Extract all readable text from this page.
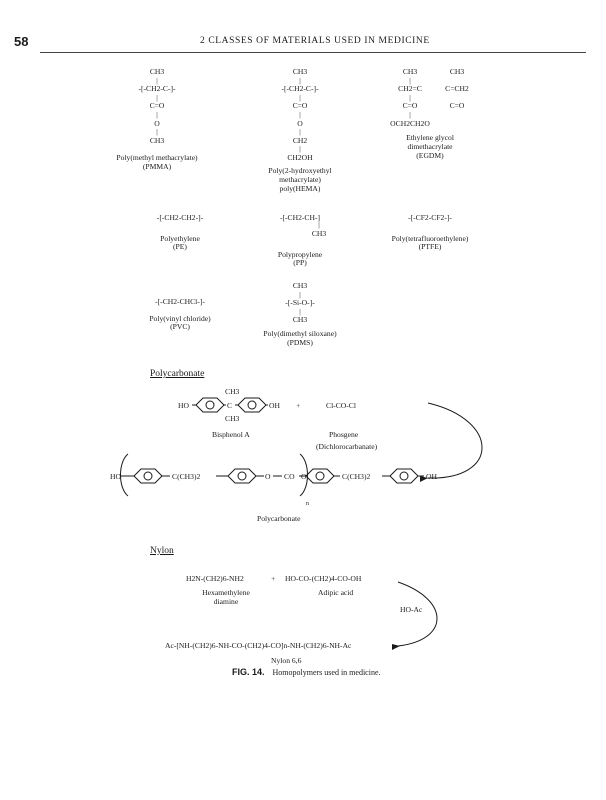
58	2 CLASSES OF MATERIALS USED IN MEDICINE
CH3
|
-[-CH2-C-]-
|
C=O
|
O
|
CH3
Poly(methyl methacrylate)
(PMMA)
CH3
|
-[-CH2-C-]-
|
C=O
|
O
|
CH2
|
CH2OH
Poly(2-hydroxyethyl
methacrylate)
poly(HEMA)
CH3
|
CH2=C
|
C=O
|
OCH2CH2O
CH3

C=CH2

C=O
Ethylene glycol
dimethacrylate
(EGDM)
-[-CH2-CH2-]-
Polyethylene
(PE)
-[-CH2-CH-]
|
CH3
Polypropylene
(PP)
-[-CF2-CF2-]-
Poly(tetrafluoroethylene)
(PTFE)
-[-CH2-CHCl-]-
Poly(vinyl chloride)
(PVC)
CH3
|
-[-Si-O-]-
|
CH3
Poly(dimethyl siloxane)
(PDMS)
Polycarbonate
HO
CH3
C
CH3
OH +	Cl-CO-Cl
Bisphenol A	Phosgene
(Dichlorocarbanate)
HO	C(CH3)2	O CO O	C(CH3)2	OH
n
Polycarbonate
Nylon
H2N-(CH2)6-NH2	+ HO-CO-(CH2)4-CO-OH
Hexamethylene
diamine
Adipic acid
HO-Ac
Ac-[NH-(CH2)6-NH-CO-(CH2)4-CO]n-NH-(CH2)6-NH-Ac
Nylon 6,6
FIG. 14. Homopolymers used in medicine.
